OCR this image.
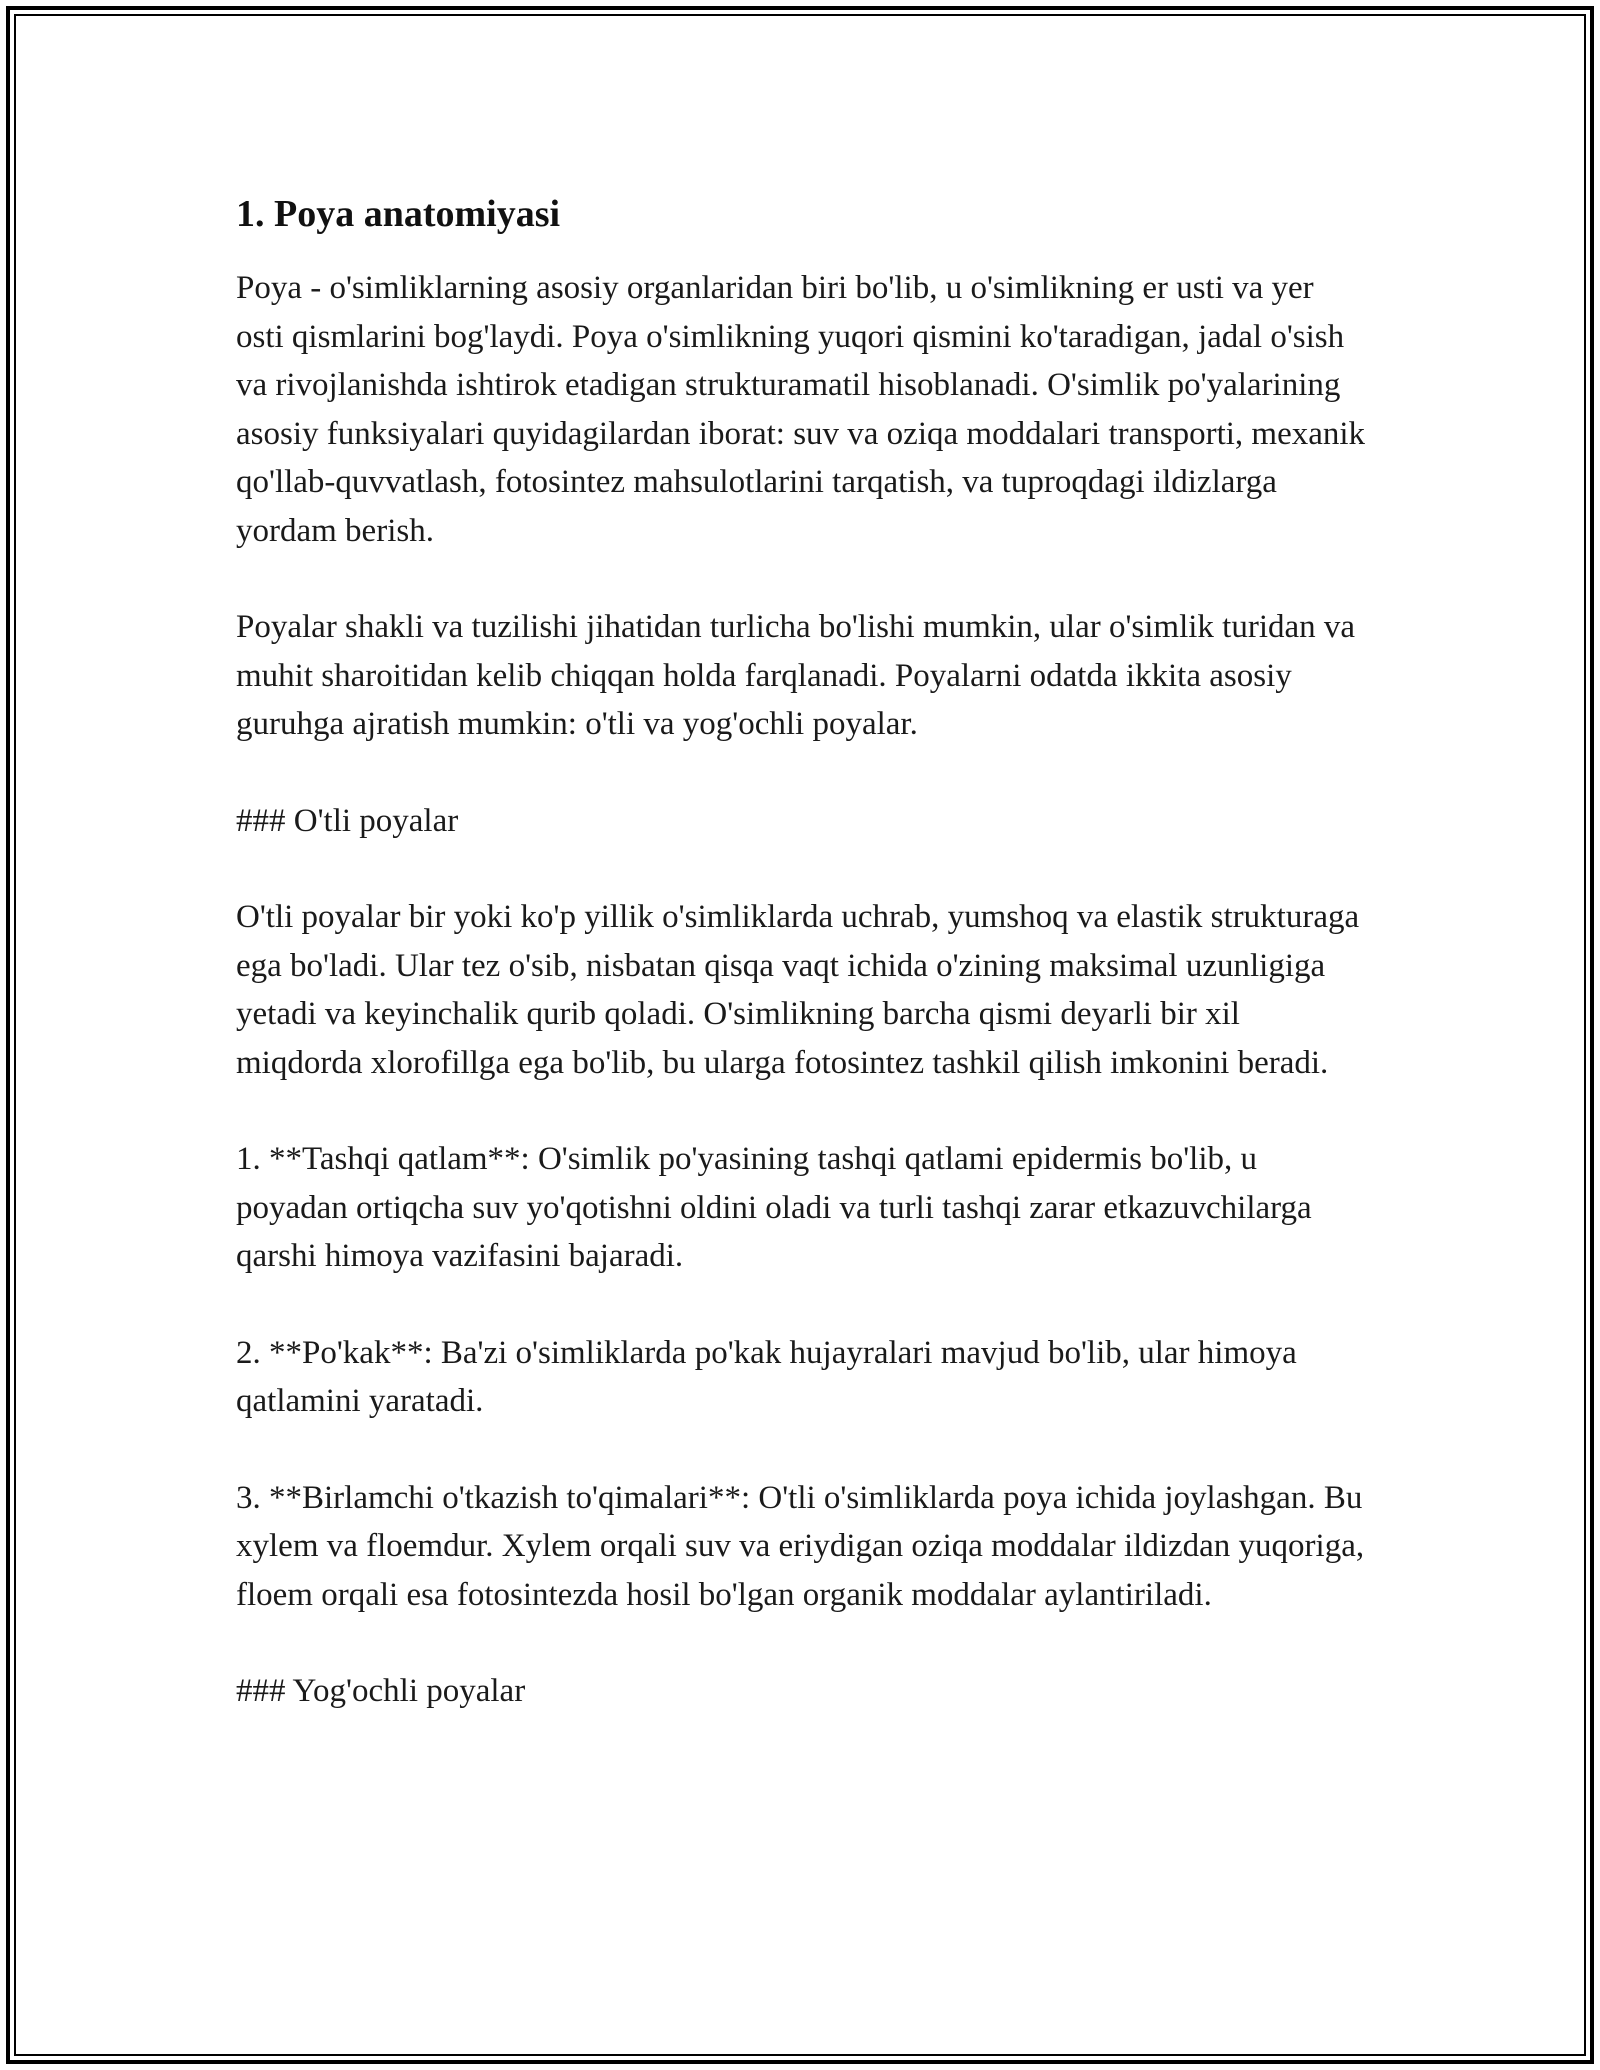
1. Poya anatomiyasi

Poya - o'simliklarning asosiy organlaridan biri bo'lib, u o'simlikning er usti va yer osti qismlarini bog'laydi. Poya o'simlikning yuqori qismini ko'taradigan, jadal o'sish va rivojlanishda ishtirok etadigan strukturamatil hisoblanadi. O'simlik po'yalarining asosiy funksiyalari quyidagilardan iborat: suv va oziqa moddalari transporti, mexanik qo'llab-quvvatlash, fotosintez mahsulotlarini tarqatish, va tuproqdagi ildizlarga yordam berish.

Poyalar shakli va tuzilishi jihatidan turlicha bo'lishi mumkin, ular o'simlik turidan va muhit sharoitidan kelib chiqqan holda farqlanadi. Poyalarni odatda ikkita asosiy guruhga ajratish mumkin: o'tli va yog'ochli poyalar.

### O'tli poyalar

O'tli poyalar bir yoki ko'p yillik o'simliklarda uchrab, yumshoq va elastik strukturaga ega bo'ladi. Ular tez o'sib, nisbatan qisqa vaqt ichida o'zining maksimal uzunligiga yetadi va keyinchalik qurib qoladi. O'simlikning barcha qismi deyarli bir xil miqdorda xlorofillga ega bo'lib, bu ularga fotosintez tashkil qilish imkonini beradi.

1. **Tashqi qatlam**: O'simlik po'yasining tashqi qatlami epidermis bo'lib, u poyadan ortiqcha suv yo'qotishni oldini oladi va turli tashqi zarar etkazuvchilarga qarshi himoya vazifasini bajaradi.

2. **Po'kak**: Ba'zi o'simliklarda po'kak hujayralari mavjud bo'lib, ular himoya qatlamini yaratadi.

3. **Birlamchi o'tkazish to'qimalari**: O'tli o'simliklarda poya ichida joylashgan. Bu xylem va floemdur. Xylem orqali suv va eriydigan oziqa moddalar ildizdan yuqoriga, floem orqali esa fotosintezda hosil bo'lgan organik moddalar aylantiriladi.

### Yog'ochli poyalar
